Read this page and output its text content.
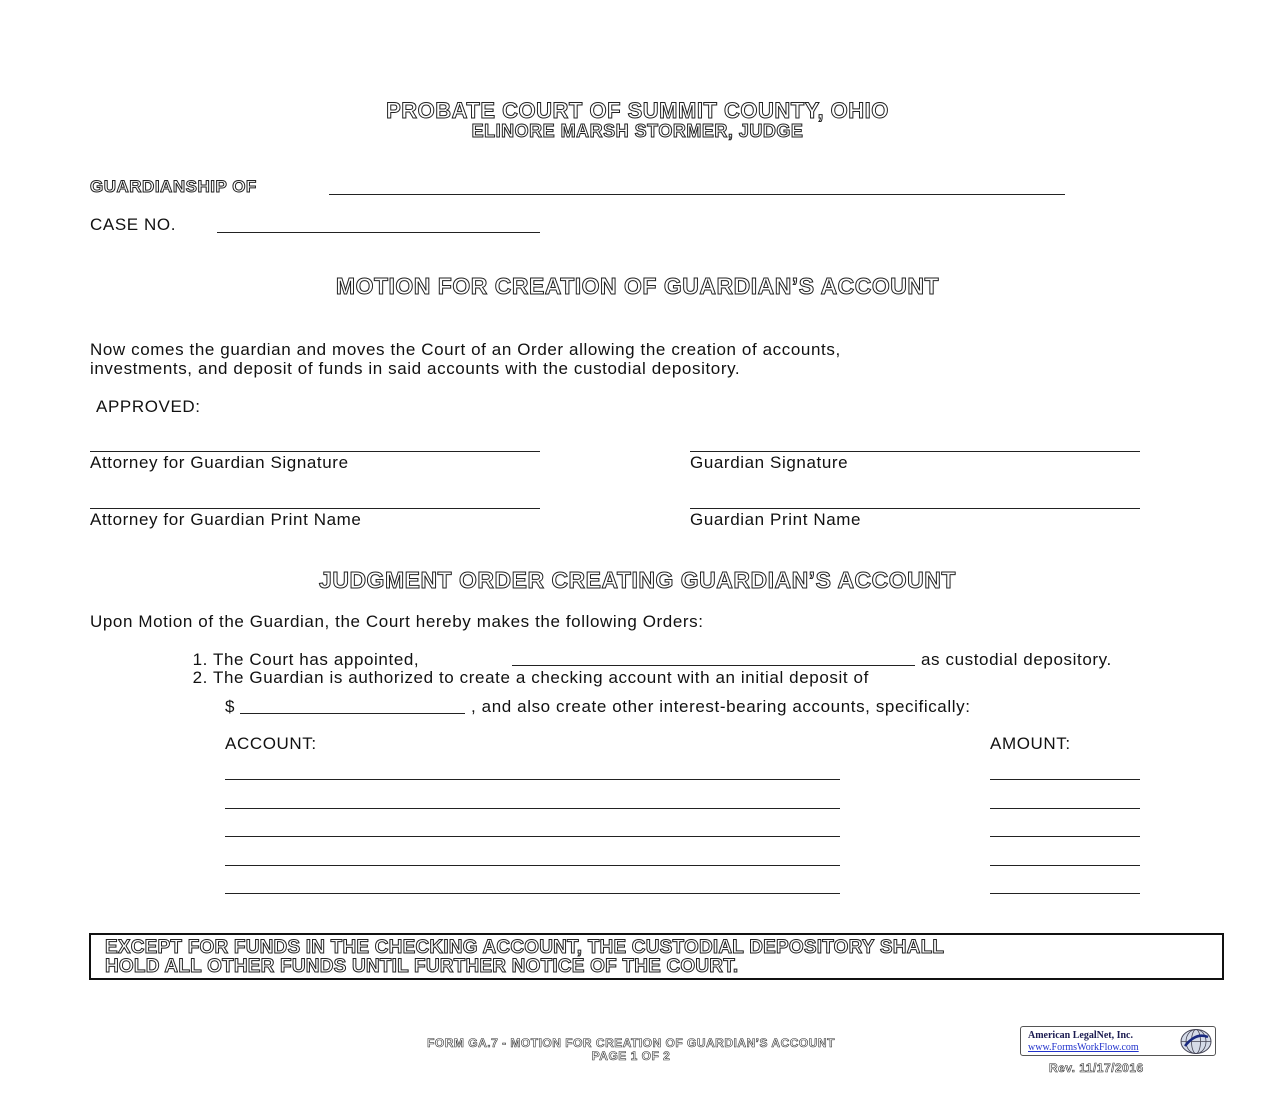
PROBATE COURT OF SUMMIT COUNTY, OHIO
ELINORE MARSH STORMER, JUDGE
GUARDIANSHIP OF
CASE NO.
MOTION FOR CREATION OF GUARDIAN’S ACCOUNT
Now comes the guardian and moves the Court of an Order allowing the creation of accounts,
investments, and deposit of funds in said accounts with the custodial depository.
APPROVED:
Attorney for Guardian Signature	Guardian Signature
Attorney for Guardian Print Name	Guardian Print Name
JUDGMENT ORDER CREATING GUARDIAN’S ACCOUNT
Upon Motion of the Guardian, the Court hereby makes the following Orders:
1. The Court has appointed,	as custodial depository.
2. The Guardian is authorized to create a checking account with an initial deposit of
$	, and also create other interest-bearing accounts, specifically:
ACCOUNT:	AMOUNT:
EXCEPT FOR FUNDS IN THE CHECKING ACCOUNT, THE CUSTODIAL DEPOSITORY SHALL
HOLD ALL OTHER FUNDS UNTIL FURTHER NOTICE OF THE COURT.
FORM GA.7 - MOTION FOR CREATION OF GUARDIAN’S ACCOUNT
PAGE 1 OF 2
American LegalNet, Inc.
www.FormsWorkFlow.com
Rev. 11/17/2016
